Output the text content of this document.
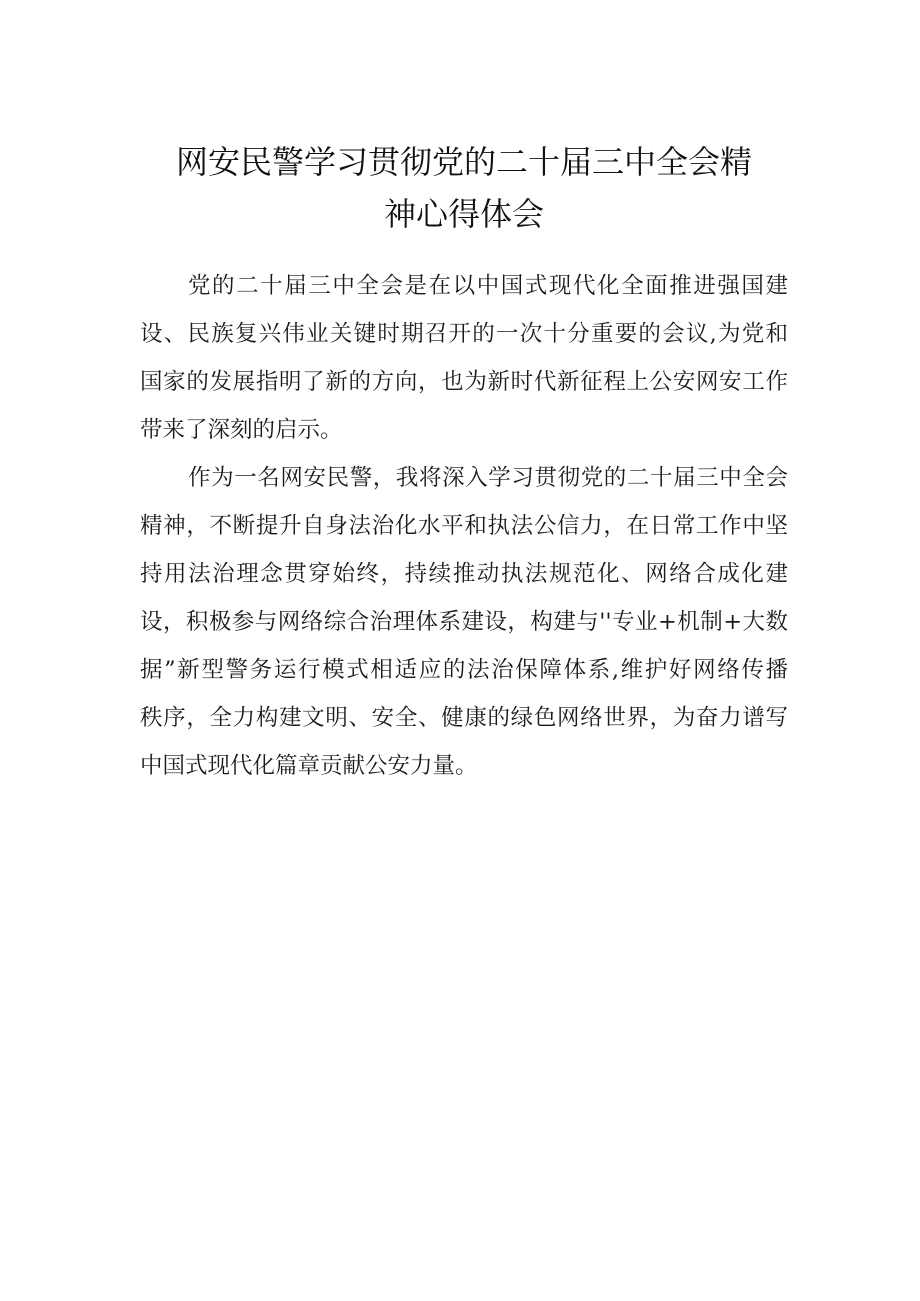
网安民警学习贯彻党的二十届三中全会精
神心得体会
党的二十届三中全会是在以中国式现代化全面推进强国建
设、民族复兴伟业关键时期召开的一次十分重要的会议,为党和
国家的发展指明了新的方向，也为新时代新征程上公安网安工作
带来了深刻的启示。
作为一名网安民警，我将深入学习贯彻党的二十届三中全会
精神，不断提升自身法治化水平和执法公信力，在日常工作中坚
持用法治理念贯穿始终，持续推动执法规范化、网络合成化建
设，积极参与网络综合治理体系建设，构建与''专业+机制+大数
据”新型警务运行模式相适应的法治保障体系,维护好网络传播
秩序，全力构建文明、安全、健康的绿色网络世界，为奋力谱写
中国式现代化篇章贡献公安力量。
